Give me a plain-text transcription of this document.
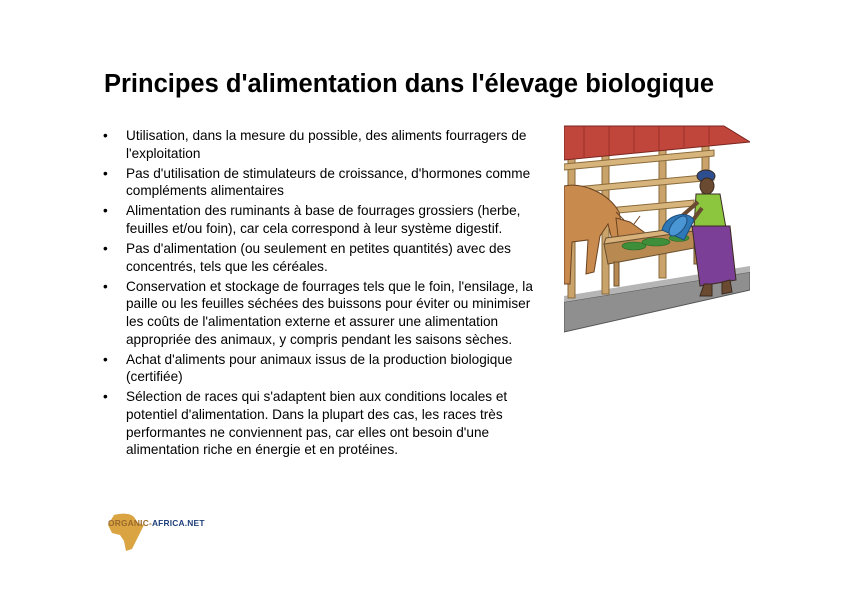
Principes d'alimentation dans l'élevage biologique
• Utilisation, dans la mesure du possible, des aliments fourragers de l'exploitation
• Pas d'utilisation de stimulateurs de croissance, d'hormones comme compléments alimentaires
• Alimentation des ruminants à base de fourrages grossiers (herbe, feuilles et/ou foin), car cela correspond à leur système digestif.
• Pas d'alimentation (ou seulement en petites quantités) avec des concentrés, tels que les céréales.
• Conservation et stockage de fourrages tels que le foin, l'ensilage, la paille ou les feuilles séchées des buissons pour éviter ou minimiser les coûts de l'alimentation externe et assurer une alimentation appropriée des animaux, y compris pendant les saisons sèches.
• Achat d'aliments pour animaux issus de la production biologique (certifiée)
• Sélection de races qui s'adaptent bien aux conditions locales et potentiel d'alimentation. Dans la plupart des cas, les races très performantes ne conviennent pas, car elles ont besoin d'une alimentation riche en énergie et en protéines.
ORGANIC-AFRICA.NET
